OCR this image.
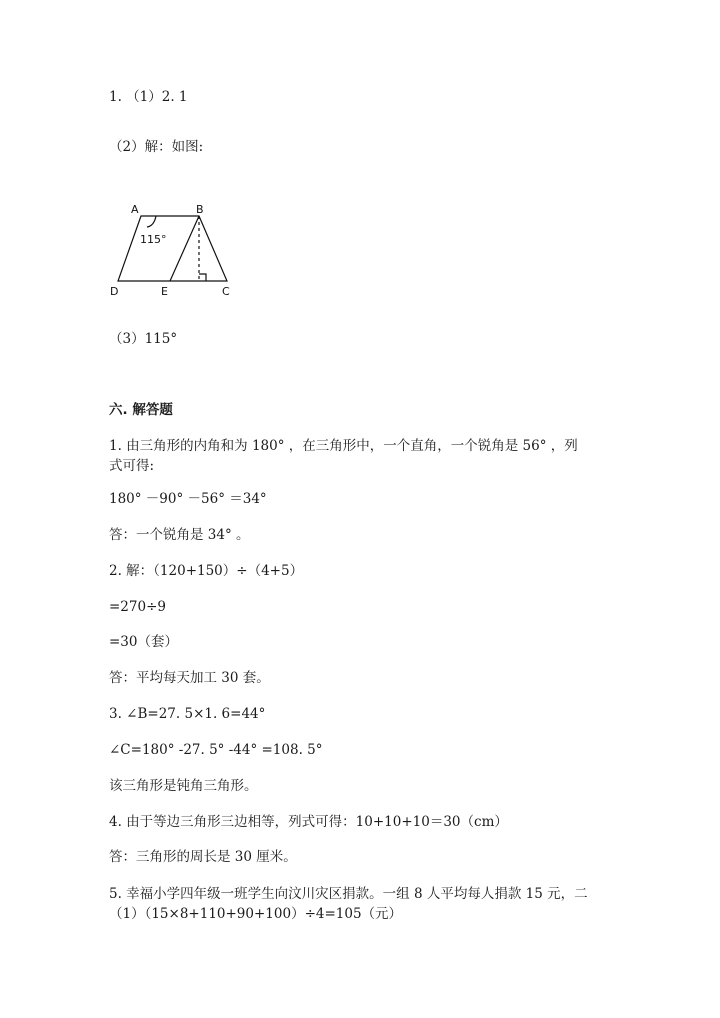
1. （1）2. 1
（2）解：如图:
A	B
C
D	E
115°
（3）115°
六. 解答题
1. 由三角形的内角和为 180° ，在三角形中，一个直角，一个锐角是 56° ，列
式可得:
180° －90° －56° ＝34°
答：一个锐角是 34° 。
2. 解：（120+150）÷（4+5）
=270÷9
=30（套）
答：平均每天加工 30 套。
3. ∠B=27. 5×1. 6=44°
∠C=180° -27. 5° -44° =108. 5°
该三角形是钝角三角形。
4. 由于等边三角形三边相等，列式可得：10+10+10＝30（cm）
答：三角形的周长是 30 厘米。
5. 幸福小学四年级一班学生向汶川灾区捐款。一组 8 人平均每人捐款 15 元，二
（1）（15×8+110+90+100）÷4=105（元）
